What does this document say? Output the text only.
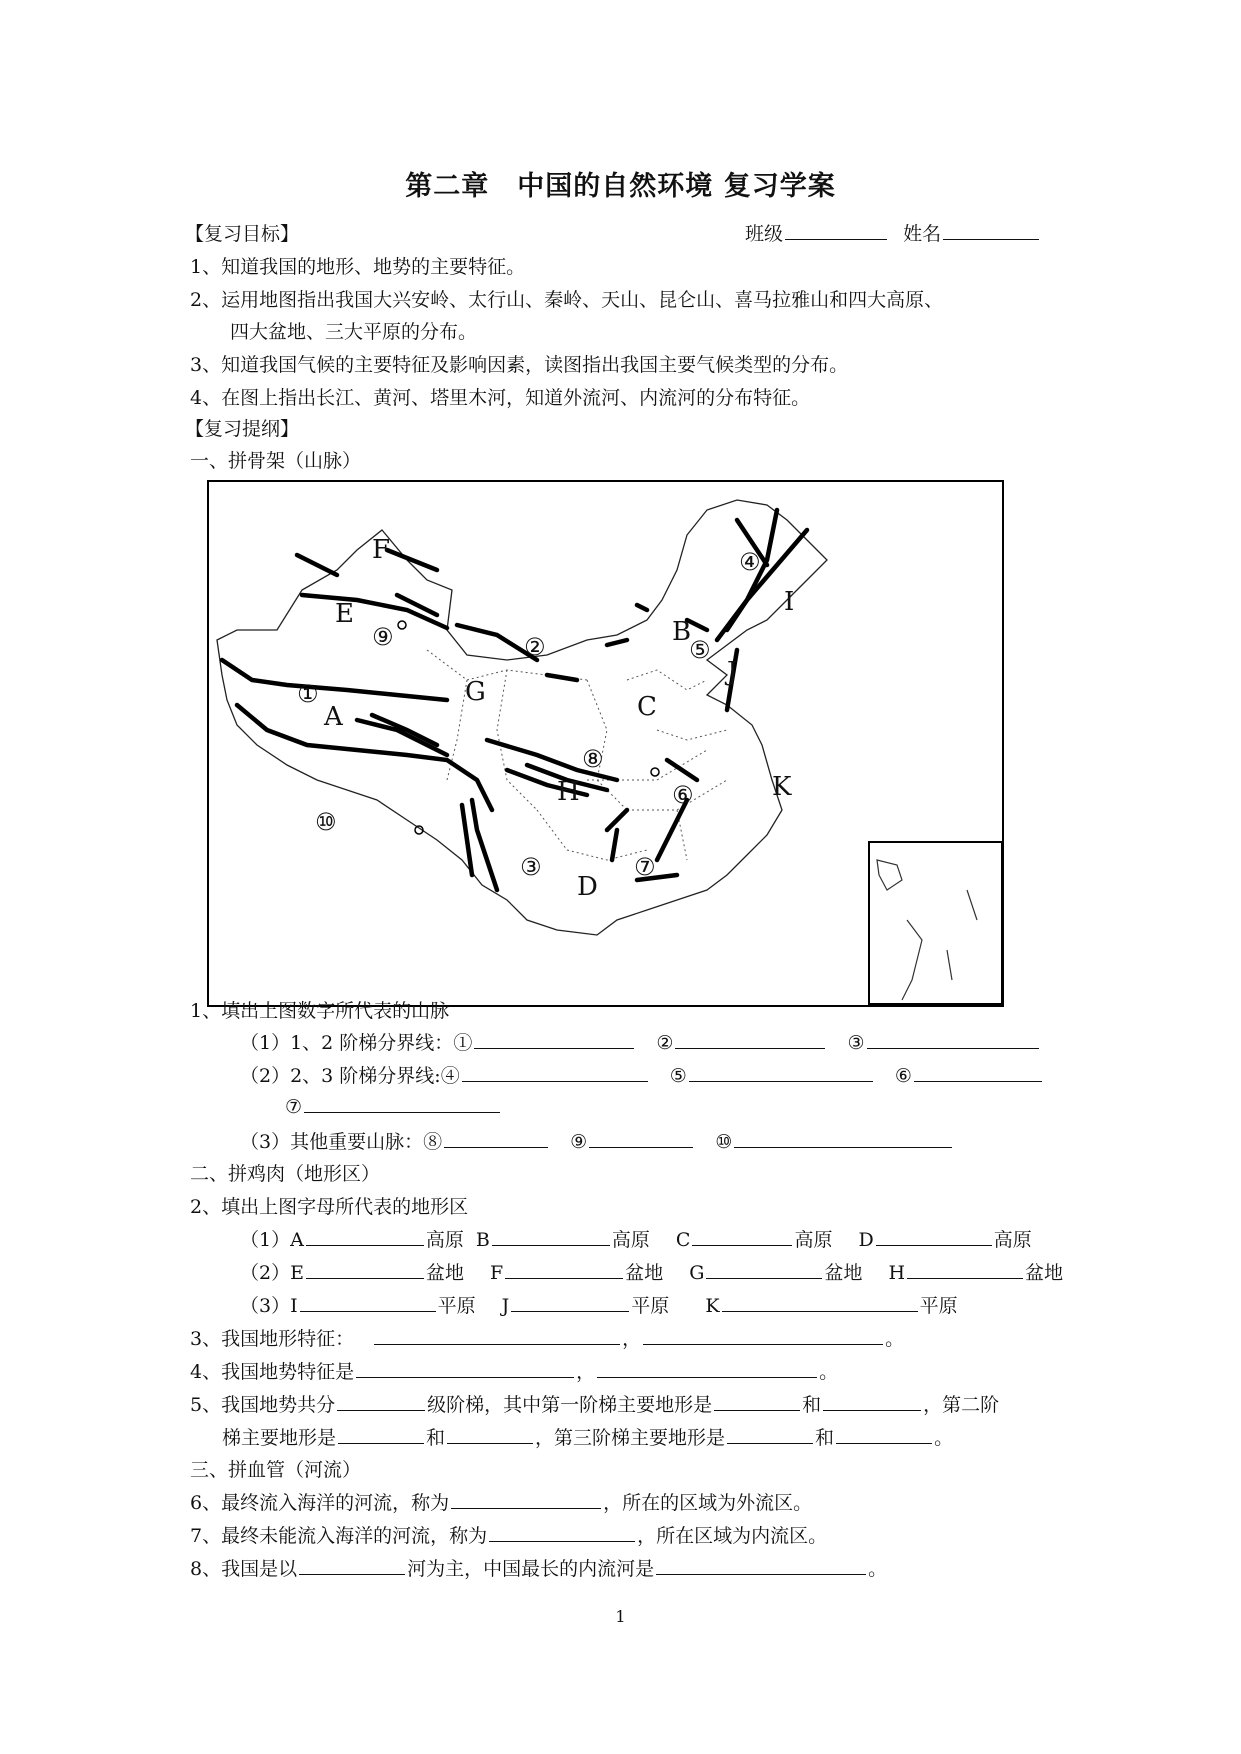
第二章　中国的自然环境 复习学案
【复习目标】	班级	姓名
1、知道我国的地形、地势的主要特征。
2、运用地图指出我国大兴安岭、太行山、秦岭、天山、昆仑山、喜马拉雅山和四大高原、
四大盆地、三大平原的分布。
3、知道我国气候的主要特征及影响因素，读图指出我国主要气候类型的分布。
4、在图上指出长江、黄河、塔里木河，知道外流河、内流河的分布特征。
【复习提纲】
一、拼骨架（山脉）
A
B
C
D
E
F
G
H
I
J
K
①
②
③
④
⑤
⑥
⑦
⑧
⑨
⑩
1、填出上图数字所代表的山脉
（1）1、2 阶梯分界线：①	②	③
（2）2、3 阶梯分界线:④	⑤	⑥
⑦
（3）其他重要山脉：⑧	⑨	⑩
二、拼鸡肉（地形区）
2、填出上图字母所代表的地形区
（1）A	高原 B	高原 C	高原 D	高原
（2）E	盆地 F	盆地 G	盆地 H	盆地
（3）I	平原 J	平原 K	平原
3、我国地形特征：	，	。
4、我国地势特征是	，	。
5、我国地势共分	级阶梯，其中第一阶梯主要地形是	和	，第二阶
梯主要地形是	和	，第三阶梯主要地形是	和	。
三、拼血管（河流）
6、最终流入海洋的河流，称为	，所在的区域为外流区。
7、最终未能流入海洋的河流，称为	，所在区域为内流区。
8、我国是以	河为主，中国最长的内流河是	。
1
